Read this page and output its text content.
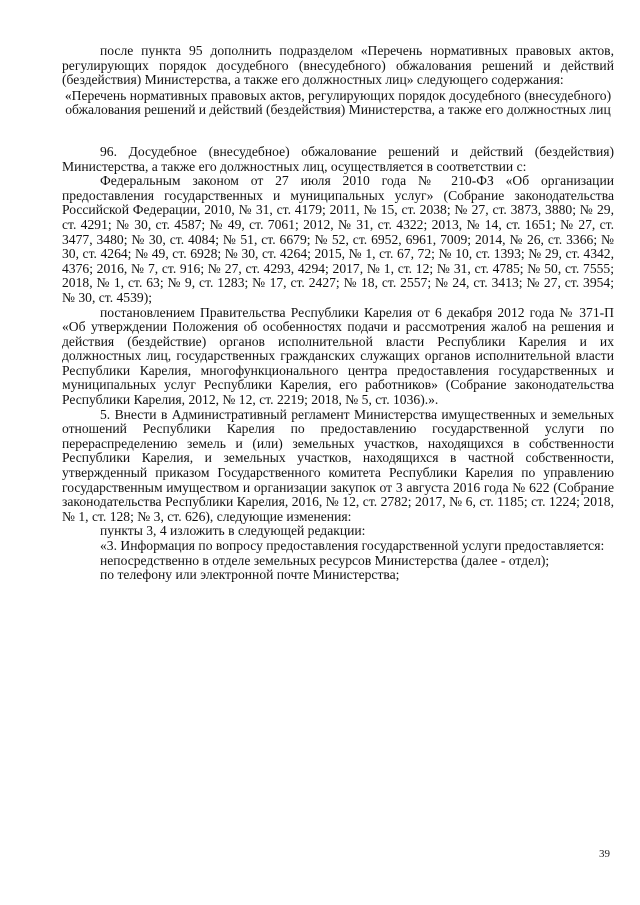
после пункта 95 дополнить подразделом «Перечень нормативных правовых актов, регулирующих порядок досудебного (внесудебного) обжалования решений и действий (бездействия) Министерства, а также его должностных лиц» следующего содержания:

«Перечень нормативных правовых актов, регулирующих порядок досудебного (внесудебного) обжалования решений и действий (бездействия) Министерства, а также его должностных лиц

96. Досудебное (внесудебное) обжалование решений и действий (бездействия) Министерства, а также его должностных лиц, осуществляется в соответствии с:

Федеральным законом от 27 июля 2010 года № 210-ФЗ «Об организации предоставления государственных и муниципальных услуг» (Собрание законодательства Российской Федерации, 2010, № 31, ст. 4179; 2011, № 15, ст. 2038; № 27, ст. 3873, 3880; № 29, ст. 4291; № 30, ст. 4587; № 49, ст. 7061; 2012, № 31, ст. 4322; 2013, № 14, ст. 1651; № 27, ст. 3477, 3480; № 30, ст. 4084; № 51, ст. 6679; № 52, ст. 6952, 6961, 7009; 2014, № 26, ст. 3366; № 30, ст. 4264; № 49, ст. 6928; № 30, ст. 4264; 2015, № 1, ст. 67, 72; № 10, ст. 1393; № 29, ст. 4342, 4376; 2016, № 7, ст. 916; № 27, ст. 4293, 4294; 2017, № 1, ст. 12; № 31, ст. 4785; № 50, ст. 7555; 2018, № 1, ст. 63; № 9, ст. 1283; № 17, ст. 2427; № 18, ст. 2557; № 24, ст. 3413; № 27, ст. 3954; № 30, ст. 4539);

постановлением Правительства Республики Карелия от 6 декабря 2012 года № 371-П «Об утверждении Положения об особенностях подачи и рассмотрения жалоб на решения и действия (бездействие) органов исполнительной власти Республики Карелия и их должностных лиц, государственных гражданских служащих органов исполнительной власти Республики Карелия, многофункционального центра предоставления государственных и муниципальных услуг Республики Карелия, его работников» (Собрание законодательства Республики Карелия, 2012, № 12, ст. 2219; 2018, № 5, ст. 1036).».

5. Внести в Административный регламент Министерства имущественных и земельных отношений Республики Карелия по предоставлению государственной услуги по перераспределению земель и (или) земельных участков, находящихся в собственности Республики Карелия, и земельных участков, находящихся в частной собственности, утвержденный приказом Государственного комитета Республики Карелия по управлению государственным имуществом и организации закупок от 3 августа 2016 года № 622 (Собрание законодательства Республики Карелия, 2016, № 12, ст. 2782; 2017, № 6, ст. 1185; ст. 1224; 2018, № 1, ст. 128; № 3, ст. 626), следующие изменения:

пункты 3, 4 изложить в следующей редакции:

«3. Информация по вопросу предоставления государственной услуги предоставляется:

непосредственно в отделе земельных ресурсов Министерства (далее - отдел);

по телефону или электронной почте Министерства;

39
